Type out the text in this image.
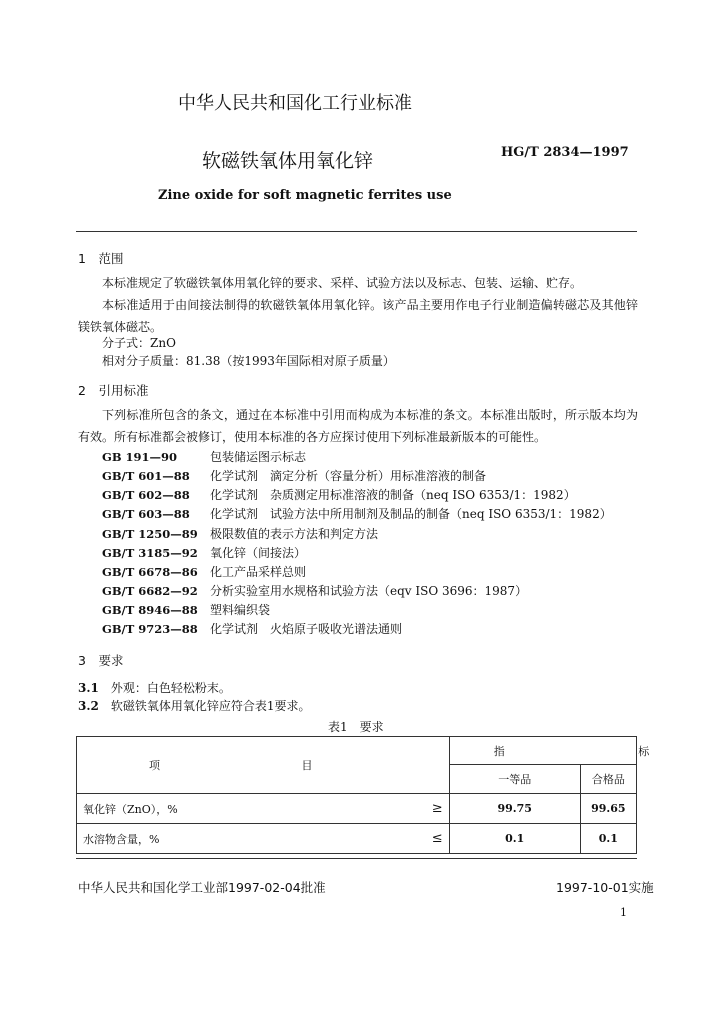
中华人民共和国化工行业标准
软磁铁氧体用氧化锌	HG/T 2834—1997
Zine oxide for soft magnetic ferrites use
1　范围

本标准规定了软磁铁氧体用氧化锌的要求、采样、试验方法以及标志、包装、运输、贮存。

本标准适用于由间接法制得的软磁铁氧体用氧化锌。该产品主要用作电子行业制造偏转磁芯及其他锌镁铁氧体磁芯。

分子式：ZnO
相对分子质量：81.38（按1993年国际相对原子质量）
2　引用标准

下列标准所包含的条文，通过在本标准中引用而构成为本标准的条文。本标准出版时，所示版本均为有效。所有标准都会被修订，使用本标准的各方应探讨使用下列标准最新版本的可能性。

GB 191—90	包装储运图示标志
GB/T 601—88 化学试剂　滴定分析（容量分析）用标准溶液的制备
GB/T 602—88 化学试剂　杂质测定用标准溶液的制备（neq ISO 6353/1：1982）
GB/T 603—88 化学试剂　试验方法中所用制剂及制品的制备（neq ISO 6353/1：1982）
GB/T 1250—89 极限数值的表示方法和判定方法
GB/T 3185—92 氧化锌（间接法）
GB/T 6678—86 化工产品采样总则
GB/T 6682—92 分析实验室用水规格和试验方法（eqv ISO 3696：1987）
GB/T 8946—88 塑料编织袋
GB/T 9723—88 化学试剂　火焰原子吸收光谱法通则
3　要求
3.1　 外观：白色轻松粉末。
3.2　 软磁铁氧体用氧化锌应符合表1要求。
表1　要求
项 目		指 标	
		一等品	合格品
氧化锌（ZnO），%	≥	99.75	99.65
水溶物含量，%	≤	0.1	0.1
中华人民共和国化学工业部1997-02-04批准	1997-10-01实施
1
